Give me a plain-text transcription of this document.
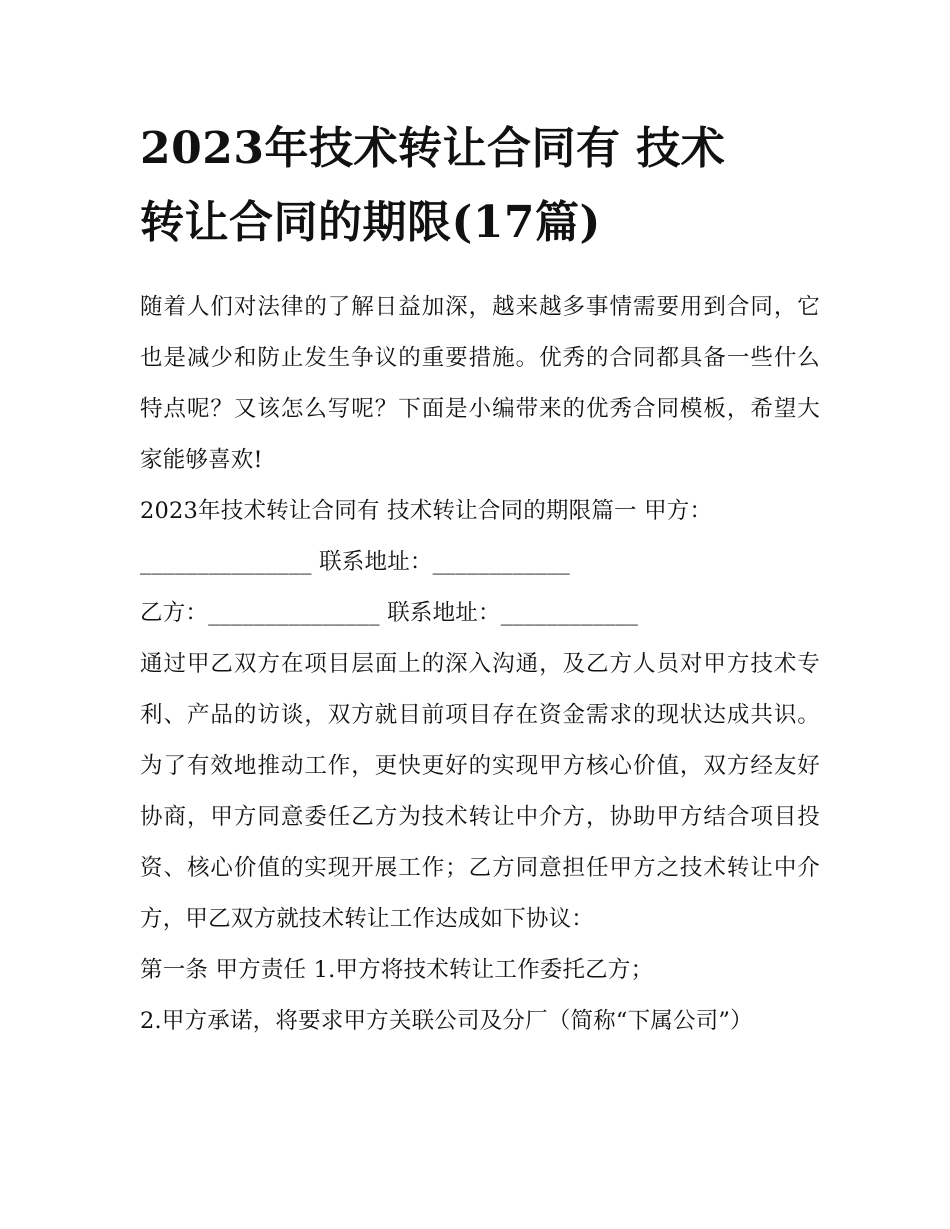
2023年技术转让合同有 技术
转让合同的期限(17篇)

随着人们对法律的了解日益加深，越来越多事情需要用到合同，它也是减少和防止发生争议的重要措施。优秀的合同都具备一些什么特点呢？又该怎么写呢？下面是小编带来的优秀合同模板，希望大家能够喜欢!

2023年技术转让合同有 技术转让合同的期限篇一 甲方：

_______________ 联系地址：____________

乙方：_______________ 联系地址：____________

通过甲乙双方在项目层面上的深入沟通，及乙方人员对甲方技术专利、产品的访谈，双方就目前项目存在资金需求的现状达成共识。为了有效地推动工作，更快更好的实现甲方核心价值，双方经友好协商，甲方同意委任乙方为技术转让中介方，协助甲方结合项目投资、核心价值的实现开展工作；乙方同意担任甲方之技术转让中介方，甲乙双方就技术转让工作达成如下协议：

第一条 甲方责任 1.甲方将技术转让工作委托乙方；

2.甲方承诺，将要求甲方关联公司及分厂（简称“下属公司”）
